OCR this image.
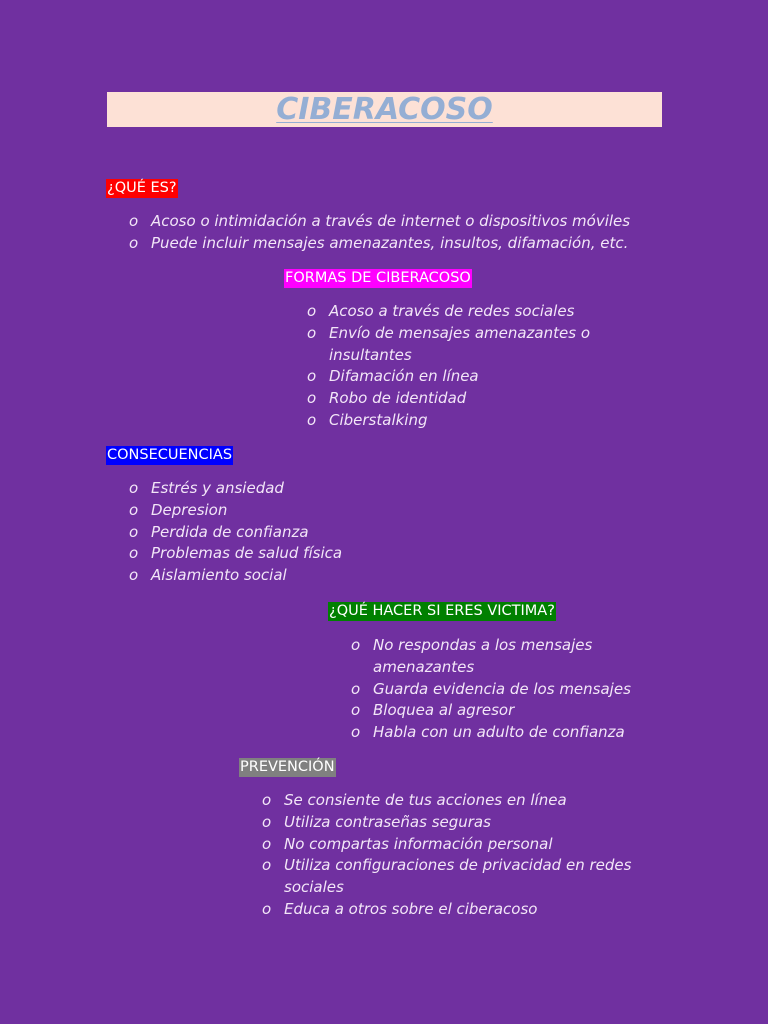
CIBERACOSO
¿QUÉ ES?
o Acoso o intimidación a través de internet o dispositivos móviles
o Puede incluir mensajes amenazantes, insultos, difamación, etc.
FORMAS DE CIBERACOSO
o Acoso a través de redes sociales
o Envío de mensajes amenazantes o insultantes
o Difamación en línea
o Robo de identidad
o Ciberstalking
CONSECUENCIAS
o Estrés y ansiedad
o Depresion
o Perdida de confianza
o Problemas de salud física
o Aislamiento social
¿QUÉ HACER SI ERES VICTIMA?
o No respondas a los mensajes amenazantes
o Guarda evidencia de los mensajes
o Bloquea al agresor
o Habla con un adulto de confianza
PREVENCIÓN
o Se consiente de tus acciones en línea
o Utiliza contraseñas seguras
o No compartas información personal
o Utiliza configuraciones de privacidad en redes sociales
o Educa a otros sobre el ciberacoso
